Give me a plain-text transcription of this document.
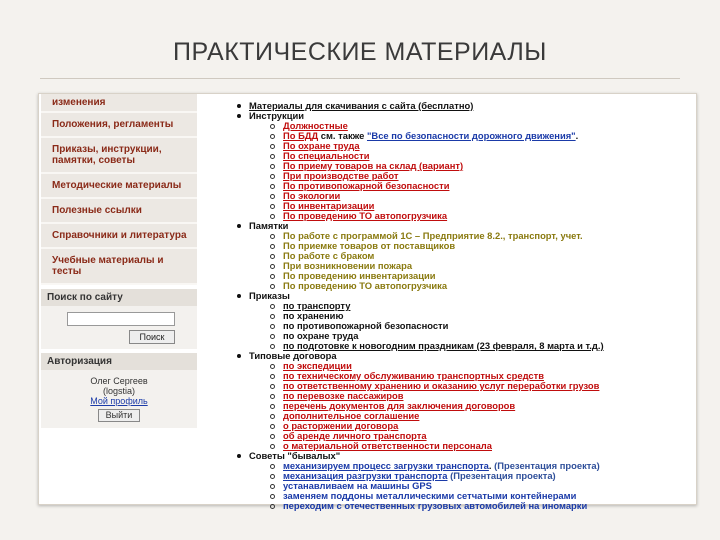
ПРАКТИЧЕСКИЕ МАТЕРИАЛЫ
изменения
Положения, регламенты
Приказы, инструкции, памятки, советы
Методические материалы
Полезные ссылки
Справочники и литература
Учебные материалы и тесты
Поиск по сайту
Поиск
Авторизация
Олег Сергеев
(logstia)
Мой профиль
Выйти
Материалы для скачивания с сайта (бесплатно)
Инструкции
Должностные
По БДД см. также "Все по безопасности дорожного движения".
По охране труда
По специальности
По приему товаров на склад (вариант)
При производстве работ
По противопожарной безопасности
По экологии
По инвентаризации
По проведению ТО автопогрузчика
Памятки
По работе с программой 1С – Предприятие 8.2., транспорт, учет.
По приемке товаров от поставщиков
По работе с браком
При возникновении пожара
По проведению инвентаризации
По проведению ТО автопогрузчика
Приказы
по транспорту
по хранению
по противопожарной безопасности
по охране труда
по подготовке к новогодним праздникам (23 февраля, 8 марта и т.д.)
Типовые договора
по экспедиции
по техническому обслуживанию транспортных средств
по ответственному хранению и оказанию услуг переработки грузов
по перевозке пассажиров
перечень документов для заключения договоров
дополнительное соглашение
о расторжении договора
об аренде личного транспорта
о материальной ответственности персонала
Советы "бывалых"
механизируем процесс загрузки транспорта. (Презентация проекта)
механизация разгрузки транспорта (Презентация проекта)
устанавливаем на машины GPS
заменяем поддоны металлическими сетчатыми контейнерами
переходим с отечественных грузовых автомобилей на иномарки
